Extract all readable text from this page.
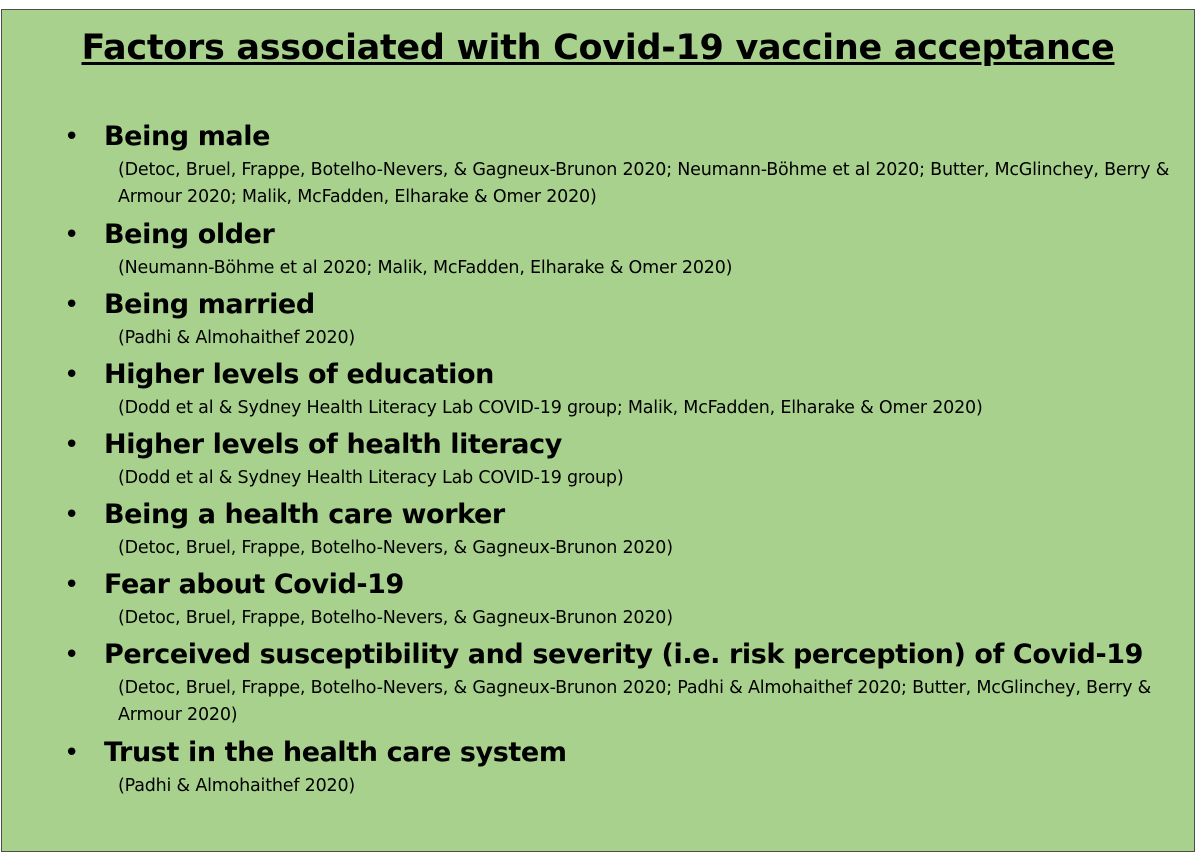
Factors associated with Covid-19 vaccine acceptance
• Being male
(Detoc, Bruel, Frappe, Botelho-Nevers, & Gagneux-Brunon 2020; Neumann-Böhme et al 2020; Butter, McGlinchey, Berry & Armour 2020; Malik, McFadden, Elharake & Omer 2020)
• Being older
(Neumann-Böhme et al 2020; Malik, McFadden, Elharake & Omer 2020)
• Being married
(Padhi & Almohaithef 2020)
• Higher levels of education
(Dodd et al & Sydney Health Literacy Lab COVID-19 group; Malik, McFadden, Elharake & Omer 2020)
• Higher levels of health literacy
(Dodd et al & Sydney Health Literacy Lab COVID-19 group)
• Being a health care worker
(Detoc, Bruel, Frappe, Botelho-Nevers, & Gagneux-Brunon 2020)
• Fear about Covid-19
(Detoc, Bruel, Frappe, Botelho-Nevers, & Gagneux-Brunon 2020)
• Perceived susceptibility and severity (i.e. risk perception) of Covid-19
(Detoc, Bruel, Frappe, Botelho-Nevers, & Gagneux-Brunon 2020; Padhi & Almohaithef 2020; Butter, McGlinchey, Berry & Armour 2020)
• Trust in the health care system
(Padhi & Almohaithef 2020)
